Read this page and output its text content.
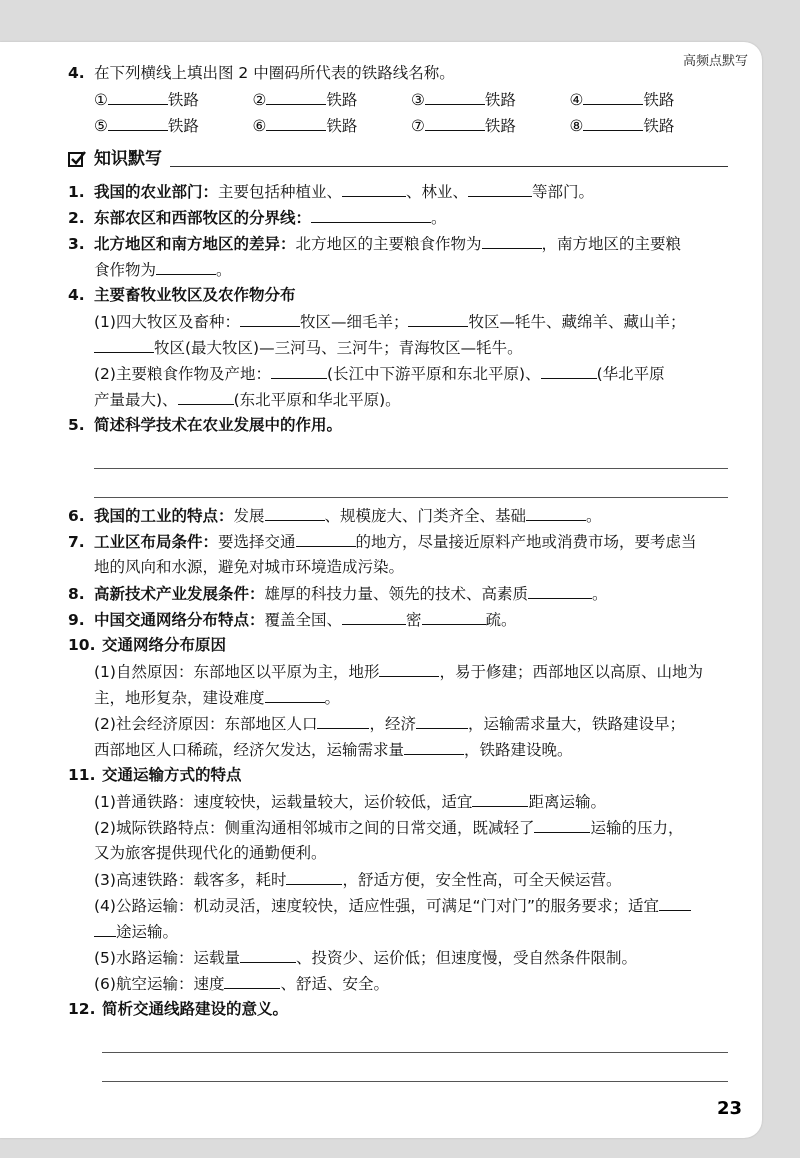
高频点默写
4. 在下列横线上填出图 2 中圈码所代表的铁路线名称。
①	铁路	②	铁路	③	铁路	④	铁路
⑤	铁路	⑥	铁路	⑦	铁路	⑧	铁路
知识默写
1. 我国的农业部门：主要包括种植业、	、林业、	等部门。
2. 东部农区和西部牧区的分界线：	。
3. 北方地区和南方地区的差异：北方地区的主要粮食作物为	，南方地区的主要粮
食作物为	。
4. 主要畜牧业牧区及农作物分布
(1)四大牧区及畜种：	牧区—细毛羊；	牧区—牦牛、藏绵羊、藏山羊；
牧区(最大牧区)—三河马、三河牛；青海牧区—牦牛。
(2)主要粮食作物及产地：	(长江中下游平原和东北平原)、	(华北平原
产量最大)、	(东北平原和华北平原)。
5. 简述科学技术在农业发展中的作用。
6. 我国的工业的特点：发展	、规模庞大、门类齐全、基础	。
7. 工业区布局条件：要选择交通	的地方，尽量接近原料产地或消费市场，要考虑当
地的风向和水源，避免对城市环境造成污染。
8. 高新技术产业发展条件：雄厚的科技力量、领先的技术、高素质	。
9. 中国交通网络分布特点：覆盖全国、	密	疏。
10. 交通网络分布原因
(1)自然原因：东部地区以平原为主，地形	，易于修建；西部地区以高原、山地为
主，地形复杂，建设难度	。
(2)社会经济原因：东部地区人口	，经济	，运输需求量大，铁路建设早；
西部地区人口稀疏，经济欠发达，运输需求量	，铁路建设晚。
11. 交通运输方式的特点
(1)普通铁路：速度较快，运载量较大，运价较低，适宜	距离运输。
(2)城际铁路特点：侧重沟通相邻城市之间的日常交通，既减轻了	运输的压力，
又为旅客提供现代化的通勤便利。
(3)高速铁路：载客多，耗时	，舒适方便，安全性高，可全天候运营。
(4)公路运输：机动灵活，速度较快，适应性强，可满足“门对门”的服务要求；适宜
途运输。
(5)水路运输：运载量	、投资少、运价低；但速度慢，受自然条件限制。
(6)航空运输：速度	、舒适、安全。
12. 简析交通线路建设的意义。
23
